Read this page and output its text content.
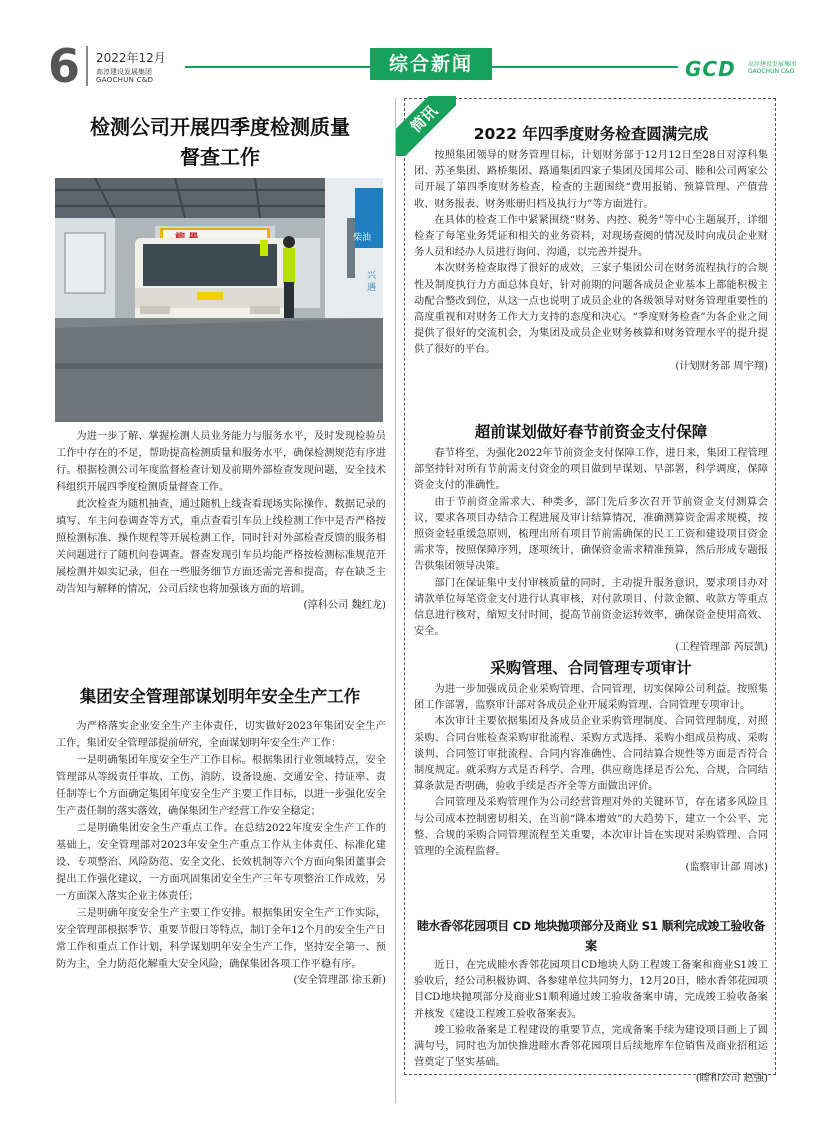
6	2022年12月
高淳建设发展集团
GAOCHUN C&D
综合新闻	GCD 高淳建设发展集团
GAOCHUN C&D
检测公司开展四季度检测质量
督查工作
兴
遇
柴油

为进一步了解、掌握检测人员业务能力与服务水平，及时发现检验员工作中存在的不足，帮助提高检测质量和服务水平，确保检测规范有序进行。根据检测公司年度监督检查计划及前期外部检查发现问题，安全技术科组织开展四季度检测质量督查工作。

此次检查为随机抽查，通过随机上线查看现场实际操作、数据记录的填写、车主问卷调查等方式，重点查看引车员上线检测工作中是否严格按照检测标准、操作规程等开展检测工作，同时针对外部检查反馈的服务相关问题进行了随机问卷调查。督查发现引车员均能严格按检测标准规范开展检测并如实记录，但在一些服务细节方面还需完善和提高，存在缺乏主动告知与解释的情况，公司后续也将加强该方面的培训。

(淳科公司 魏红龙)

集团安全管理部谋划明年安全生产工作

为严格落实企业安全生产主体责任，切实做好2023年集团安全生产工作，集团安全管理部提前研究，全面谋划明年安全生产工作：

一是明确集团年度安全生产工作目标。根据集团行业领域特点，安全管理部从等级责任事故、工伤、消防、设备设施、交通安全、持证率、责任制等七个方面确定集团年度安全生产主要工作目标，以进一步强化安全生产责任制的落实落效，确保集团生产经营工作安全稳定；

二是明确集团安全生产重点工作。在总结2022年度安全生产工作的基础上，安全管理部对2023年安全生产重点工作从主体责任、标准化建设、专项整治、风险防范、安全文化、长效机制等六个方面向集团董事会提出工作强化建议，一方面巩固集团安全生产三年专项整治工作成效，另一方面深入落实企业主体责任；

三是明确年度安全生产主要工作安排。根据集团安全生产工作实际，安全管理部根据季节、重要节假日等特点，制订全年12个月的安全生产日常工作和重点工作计划，科学谋划明年安全生产工作，坚持安全第一、预防为主，全力防范化解重大安全风险，确保集团各项工作平稳有序。

(安全管理部 徐玉新)

简讯	2022 年四季度财务检查圆满完成

按照集团领导的财务管理目标，计划财务部于12月12日至28日对淳科集团、苏圣集团、路桥集团、路通集团四家子集团及国邦公司、睦和公司两家公司开展了第四季度财务检查，检查的主题围绕“费用报销、预算管理、产值营收、财务报表、财务账册归档及执行力”等方面进行。

在具体的检查工作中紧紧围绕“财务、内控、税务”等中心主题展开，详细检查了每笔业务凭证和相关的业务资料，对现场查阅的情况及时向成员企业财务人员和经办人员进行询问、沟通，以完善并提升。

本次财务检查取得了很好的成效，三家子集团公司在财务流程执行的合规性及制度执行力方面总体良好，针对前期的问题各成员企业基本上都能积极主动配合整改到位，从这一点也说明了成员企业的各级领导对财务管理重要性的高度重视和对财务工作大力支持的态度和决心。“季度财务检查”为各企业之间提供了很好的交流机会，为集团及成员企业财务核算和财务管理水平的提升提供了很好的平台。

(计划财务部 周宇翔)

超前谋划做好春节前资金支付保障

春节将至，为强化2022年节前资金支付保障工作，进日来，集团工程管理部坚持针对所有节前需支付资金的项目做到早谋划、早部署，科学调度，保障资金支付的准确性。

由于节前资金需求大、种类多，部门先后多次召开节前资金支付测算会议，要求各项目办结合工程进展及审计结算情况，准确测算资金需求规模，按照资金轻重缓急原则，梳理出所有项目节前需确保的民工工资和建设项目资金需求等，按照保障序列，逐项统计，确保资金需求精准预算，然后形成专题报告供集团领导决策。

部门在保证集中支付审核质量的同时，主动提升服务意识，要求项目办对请款单位每笔资金支付进行认真审核，对付款项目、付款金额、收款方等重点信息进行核对，缩短支付时间，提高节前资金运转效率，确保资金使用高效、安全。

(工程管理部 芮辰凯)

采购管理、合同管理专项审计

为进一步加强成员企业采购管理、合同管理，切实保障公司利益。按照集团工作部署，监察审计部对各成员企业开展采购管理、合同管理专项审计。

本次审计主要依据集团及各成员企业采购管理制度、合同管理制度，对照采购、合同台账检查采购审批流程、采购方式选择、采购小组成员构成、采购谈判、合同签订审批流程、合同内容准确性、合同结算合规性等方面是否符合制度规定。就采购方式是否科学、合理，供应商选择是否公允、合规，合同结算条款是否明确，验收手续是否齐全等方面做出评价。

合同管理及采购管理作为公司经营管理对外的关键环节，存在诸多风险且与公司成本控制密切相关，在当前“降本增效”的大趋势下，建立一个公平、完整、合规的采购合同管理流程至关重要，本次审计旨在实现对采购管理、合同管理的全流程监督。

(监察审计部 周冰)

睦水香邻花园项目 CD 地块抛项部分及商业 S1 顺利完成竣工验收备案

近日，在完成睦水香邻花园项目CD地块人防工程竣工备案和商业S1竣工验收后，经公司积极协调、各参建单位共同努力，12月20日，睦水香邻花园项目CD地块抛项部分及商业S1顺利通过竣工验收备案申请，完成竣工验收备案并核发《建设工程竣工验收备案表》。

竣工验收备案是工程建设的重要节点，完成备案手续为建设项目画上了圆满句号，同时也为加快推进睦水香邻花园项目后续地库车位销售及商业招租运营奠定了坚实基础。

(睦和公司 赵强)
